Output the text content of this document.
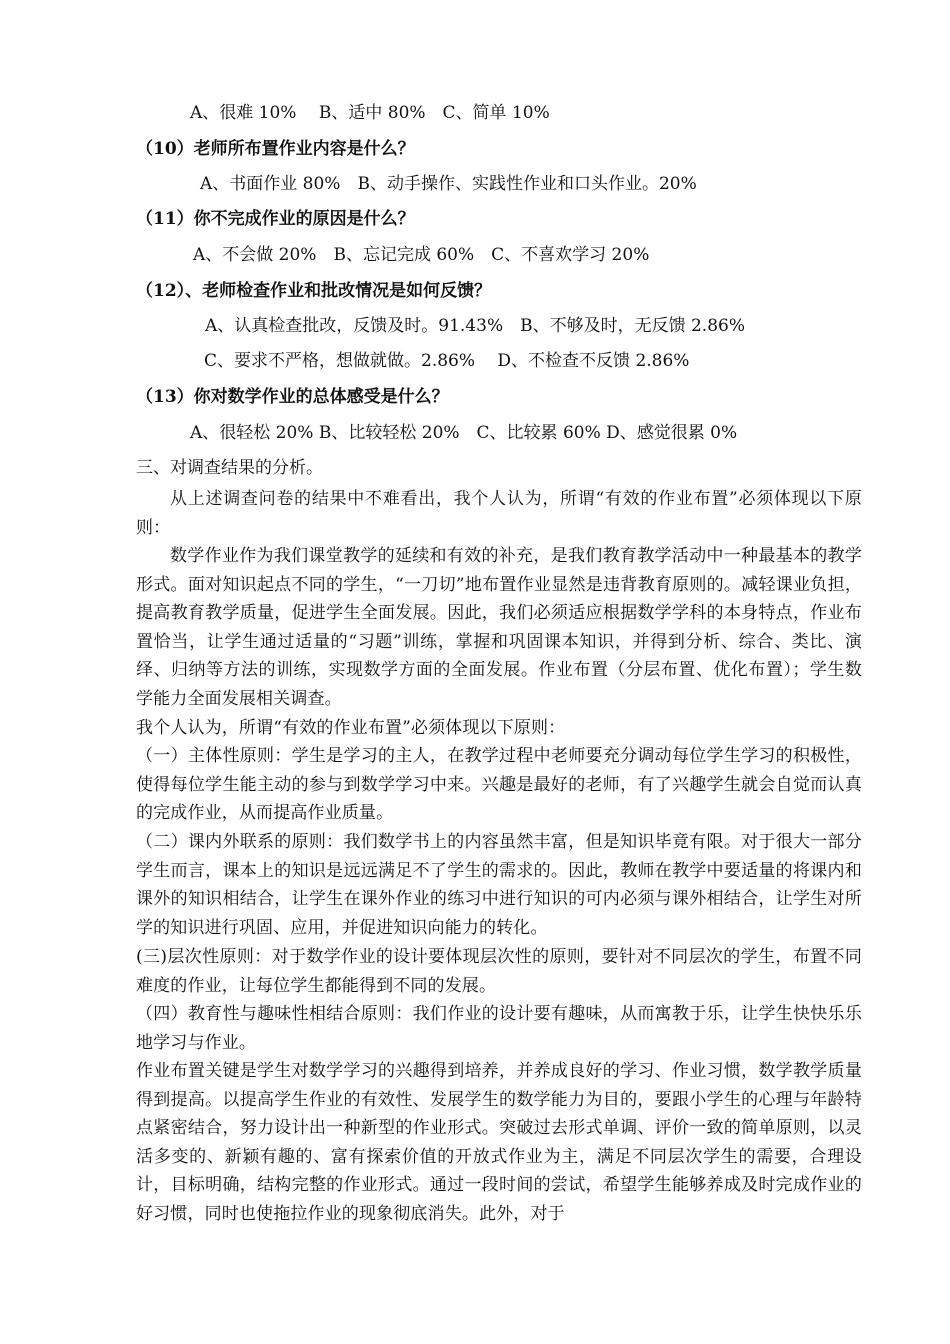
A、很难 10%　 B、适中 80%　C、简单 10%
（10）老师所布置作业内容是什么？
A、书面作业 80%　B、动手操作、实践性作业和口头作业。20%
（11）你不完成作业的原因是什么？
A、不会做 20%　B、忘记完成 60%　C、不喜欢学习 20%
（12）、老师检查作业和批改情况是如何反馈？
A、认真检查批改，反馈及时。91.43%　B、不够及时，无反馈 2.86%
C、要求不严格，想做就做。2.86%　 D、不检查不反馈 2.86%
（13）你对数学作业的总体感受是什么？
A、很轻松 20% B、比较轻松 20%　C、比较累 60% D、感觉很累 0%
三、对调查结果的分析。
从上述调查问卷的结果中不难看出，我个人认为，所谓“有效的作业布置”必须体现以下原则：
数学作业作为我们课堂教学的延续和有效的补充，是我们教育教学活动中一种最基本的教学形式。面对知识起点不同的学生，“一刀切”地布置作业显然是违背教育原则的。减轻课业负担，提高教育教学质量，促进学生全面发展。因此，我们必须适应根据数学学科的本身特点，作业布置恰当，让学生通过适量的“习题”训练，掌握和巩固课本知识，并得到分析、综合、类比、演绎、归纳等方法的训练，实现数学方面的全面发展。作业布置（分层布置、优化布置）；学生数学能力全面发展相关调查。
我个人认为，所谓“有效的作业布置”必须体现以下原则：
（一）主体性原则：学生是学习的主人，在教学过程中老师要充分调动每位学生学习的积极性，使得每位学生能主动的参与到数学学习中来。兴趣是最好的老师，有了兴趣学生就会自觉而认真的完成作业，从而提高作业质量。
（二）课内外联系的原则：我们数学书上的内容虽然丰富，但是知识毕竟有限。对于很大一部分学生而言，课本上的知识是远远满足不了学生的需求的。因此，教师在教学中要适量的将课内和课外的知识相结合，让学生在课外作业的练习中进行知识的可内必须与课外相结合，让学生对所学的知识进行巩固、应用，并促进知识向能力的转化。
(三)层次性原则：对于数学作业的设计要体现层次性的原则，要针对不同层次的学生，布置不同难度的作业，让每位学生都能得到不同的发展。
（四）教育性与趣味性相结合原则：我们作业的设计要有趣味，从而寓教于乐，让学生快快乐乐地学习与作业。
作业布置关键是学生对数学学习的兴趣得到培养，并养成良好的学习、作业习惯，数学教学质量得到提高。以提高学生作业的有效性、发展学生的数学能力为目的，要跟小学生的心理与年龄特点紧密结合，努力设计出一种新型的作业形式。突破过去形式单调、评价一致的简单原则，以灵活多变的、新颖有趣的、富有探索价值的开放式作业为主，满足不同层次学生的需要，合理设计，目标明确，结构完整的作业形式。通过一段时间的尝试，希望学生能够养成及时完成作业的好习惯，同时也使拖拉作业的现象彻底消失。此外，对于
